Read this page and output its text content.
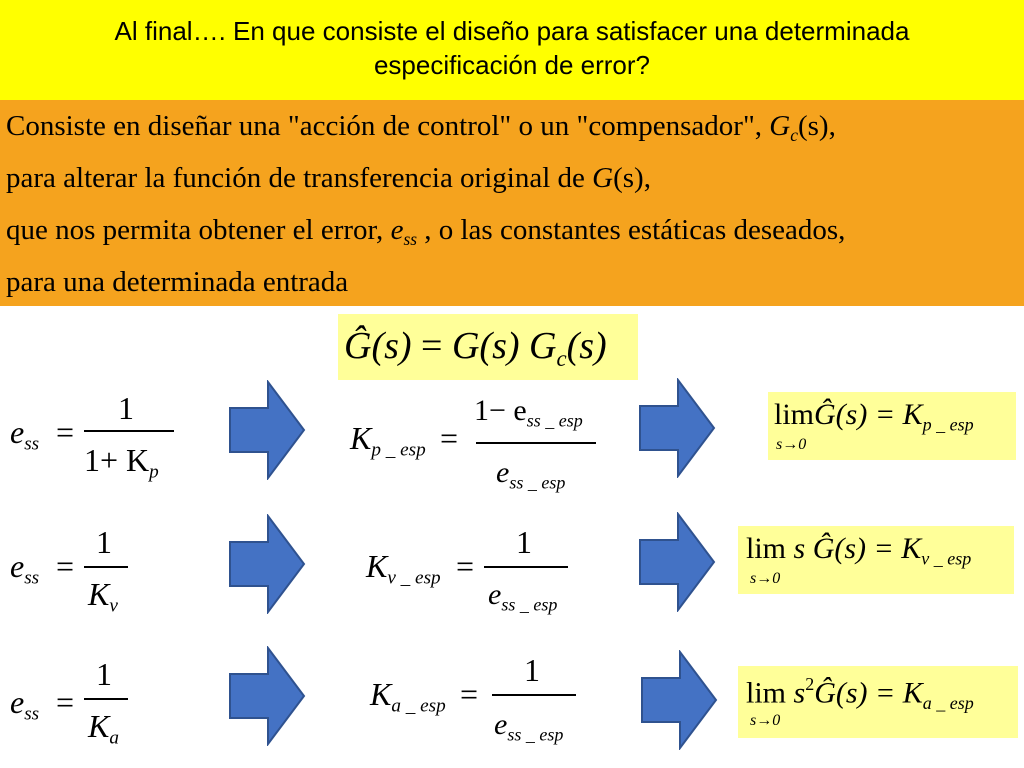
Al final…. En que consiste el diseño para satisfacer una determinada
especificación de error?
Consiste en diseñar una "acción de control" o un "compensador", $G_c(s)$,
para alterar la función de transferencia original de G(s),
que nos permita obtener el error, $e_{ss}$ , o las constantes estáticas deseados,
para una determinada entrada
Ĝ(s) = G(s) $G_c(s)$
$e_{ss}$ =
1
$1+ K_p$
$K_{p \_ esp}$ =
$1- e_{ss \_ esp}$
$e_{ss \_ esp}$
limĜ(s) = $K_{p \_ esp}$
s→0
$e_{ss}$ =
1
$K_v$
$K_{v \_ esp}$ =
1
$e_{ss \_ esp}$
lim s Ĝ(s) = $K_{v \_ esp}$
s→0
$e_{ss}$ =
1
$K_a$
$K_{a \_ esp}$ =
1
$e_{ss \_ esp}$
$\lim s^2Ĝ(s) = K_{a \_ esp}$
s→0
